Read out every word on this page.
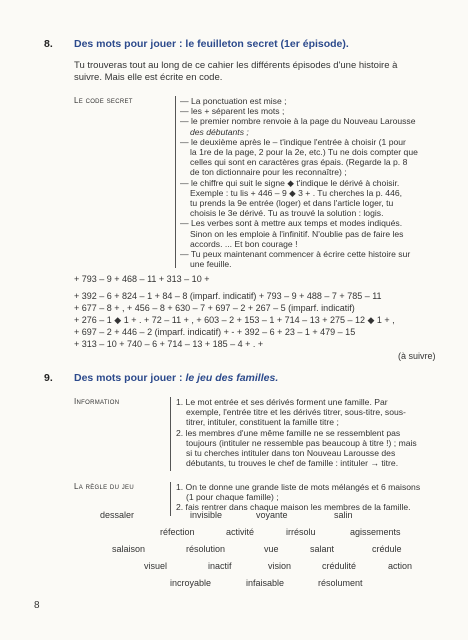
8. Des mots pour jouer : le feuilleton secret (1er épisode).
Tu trouveras tout au long de ce cahier les différents épisodes d'une histoire à
suivre. Mais elle est écrite en code.
Le code secret	— La ponctuation est mise ;
— les + séparent les mots ;
— le premier nombre renvoie à la page du Nouveau Larousse
des débutants ;
— le deuxième après le – t'indique l'entrée à choisir (1 pour
la 1re de la page, 2 pour la 2e, etc.) Tu ne dois compter que
celles qui sont en caractères gras épais. (Regarde la p. 8
de ton dictionnaire pour les reconnaître) ;
— le chiffre qui suit le signe ◆ t'indique le dérivé à choisir.
Exemple : tu lis + 446 – 9 ◆ 3 + . Tu cherches la p. 446,
tu prends la 9e entrée (loger) et dans l'article loger, tu
choisis le 3e dérivé. Tu as trouvé la solution : logis.
— Les verbes sont à mettre aux temps et modes indiqués.
Sinon on les emploie à l'infinitif. N'oublie pas de faire les
accords. ... Et bon courage !
— Tu peux maintenant commencer à écrire cette histoire sur
une feuille.
+ 793 – 9 + 468 – 11 + 313 – 10 +
+ 392 – 6 + 824 – 1 + 84 – 8 (imparf. indicatif) + 793 – 9 + 488 – 7 + 785 – 11
+ 677 – 8 + , + 456 – 8 + 630 – 7 + 697 – 2 + 267 – 5 (imparf. indicatif)
+ 276 – 1 ◆ 1 + . + 72 – 11 + , + 603 – 2 + 153 – 1 + 714 – 13 + 275 – 12 ◆ 1 + ,
+ 697 – 2 + 446 – 2 (imparf. indicatif) + - + 392 – 6 + 23 – 1 + 479 – 15
+ 313 – 10 + 740 – 6 + 714 – 13 + 185 – 4 + . +
(à suivre)
9. Des mots pour jouer : le jeu des familles.
Information	1. Le mot entrée et ses dérivés forment une famille. Par
exemple, l'entrée titre et les dérivés titrer, sous-titre, sous-
titrer, intituler, constituent la famille titre ;
2. les membres d'une même famille ne se ressemblent pas
toujours (intituler ne ressemble pas beaucoup à titre !) ; mais
si tu cherches intituler dans ton Nouveau Larousse des
débutants, tu trouves le chef de famille : intituler → titre.
La règle du jeu	1. On te donne une grande liste de mots mélangés et 6 maisons
(1 pour chaque famille) ;
2. fais rentrer dans chaque maison les membres de la famille.
dessaler	invisible	voyante	salin
réfection	activité	irrésolu	agissements
salaison	résolution	vue	salant	crédule
visuel	inactif	vision	crédulité	action
incroyable	infaisable	résolument
8
